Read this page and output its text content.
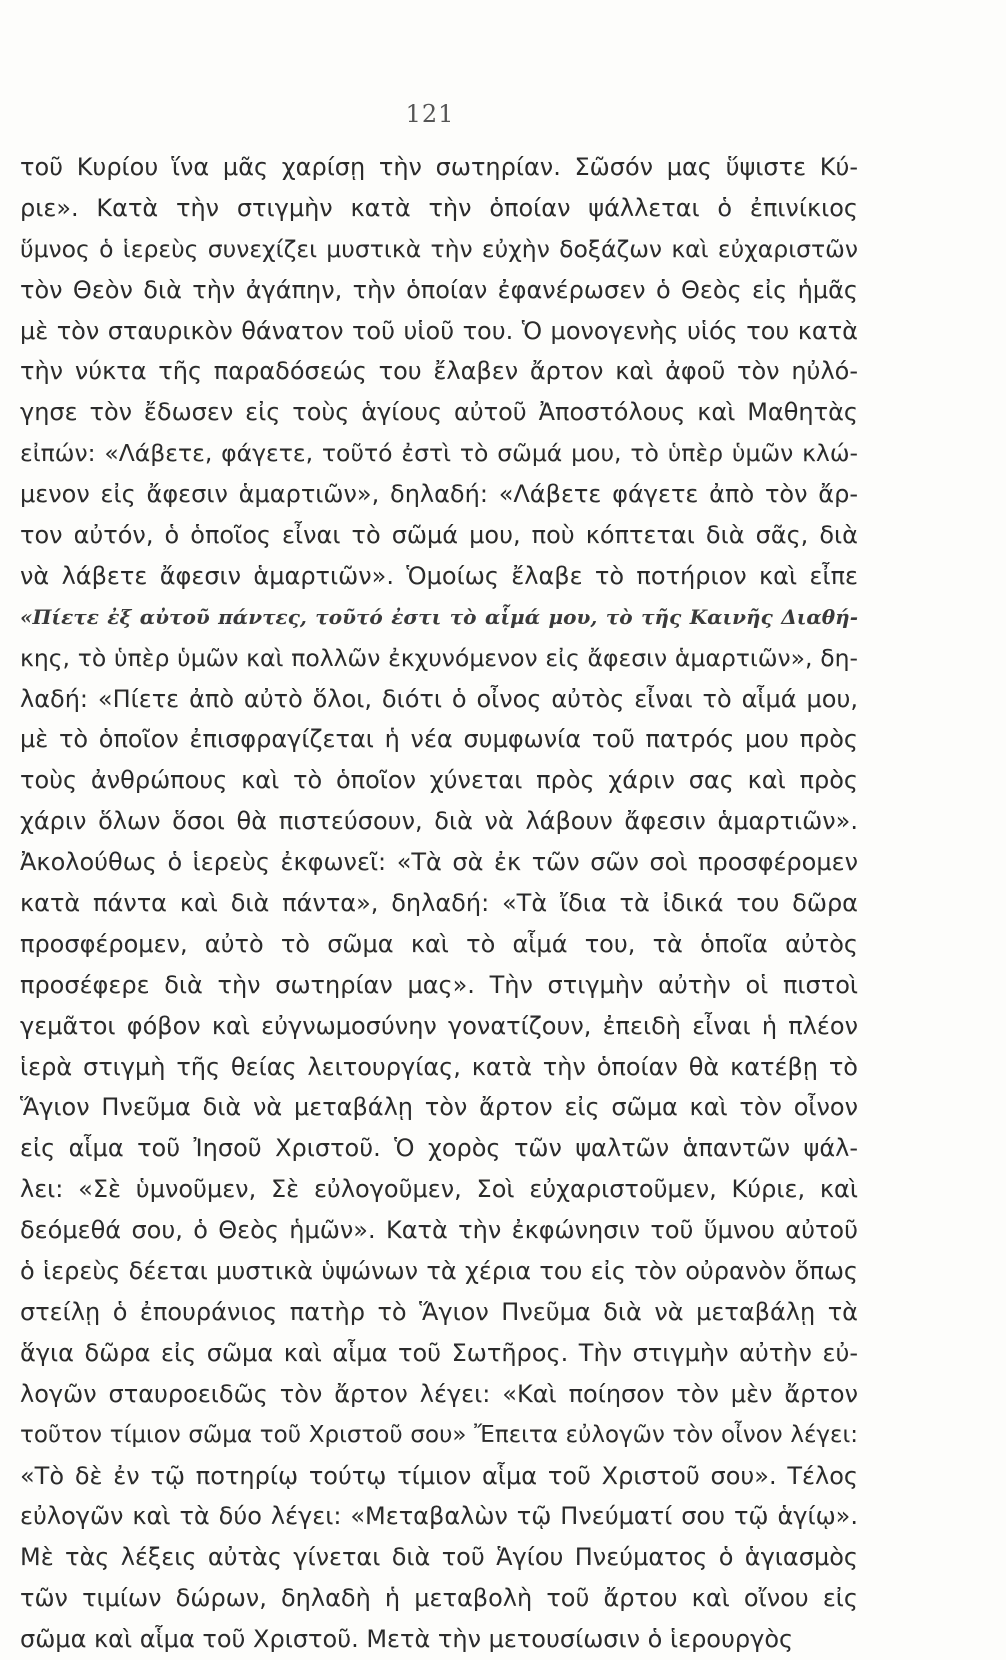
121
τοῦ Κυρίου ἵνα μᾶς χαρίσῃ τὴν σωτηρίαν. Σῶσόν μας ὕψιστε Κύ-
ριε». Κατὰ τὴν στιγμὴν κατὰ τὴν ὁποίαν ψάλλεται ὁ ἐπινίκιος
ὕμνος ὁ ἱερεὺς συνεχίζει μυστικὰ τὴν εὐχὴν δοξάζων καὶ εὐχαριστῶν
τὸν Θεὸν διὰ τὴν ἀγάπην, τὴν ὁποίαν ἐφανέρωσεν ὁ Θεὸς εἰς ἡμᾶς
μὲ τὸν σταυρικὸν θάνατον τοῦ υἱοῦ του. Ὁ μονογενὴς υἱός του κατὰ
τὴν νύκτα τῆς παραδόσεώς του ἔλαβεν ἄρτον καὶ ἀφοῦ τὸν ηὐλό-
γησε τὸν ἔδωσεν εἰς τοὺς ἁγίους αὐτοῦ Ἀποστόλους καὶ Μαθητὰς
εἰπών: «Λάβετε, φάγετε, τοῦτό ἐστὶ τὸ σῶμά μου, τὸ ὑπὲρ ὑμῶν κλώ-
μενον εἰς ἄφεσιν ἁμαρτιῶν», δηλαδή: «Λάβετε φάγετε ἀπὸ τὸν ἄρ-
τον αὐτόν, ὁ ὁποῖος εἶναι τὸ σῶμά μου, ποὺ κόπτεται διὰ σᾶς, διὰ
νὰ λάβετε ἄφεσιν ἁμαρτιῶν». Ὁμοίως ἔλαβε τὸ ποτήριον καὶ εἶπε
«Πίετε ἐξ αὐτοῦ πάντες, τοῦτό ἐστι τὸ αἷμά μου, τὸ τῆς Καινῆς Διαθή-
κης, τὸ ὑπὲρ ὑμῶν καὶ πολλῶν ἐκχυνόμενον εἰς ἄφεσιν ἁμαρτιῶν», δη-
λαδή: «Πίετε ἀπὸ αὐτὸ ὅλοι, διότι ὁ οἶνος αὐτὸς εἶναι τὸ αἷμά μου,
μὲ τὸ ὁποῖον ἐπισφραγίζεται ἡ νέα συμφωνία τοῦ πατρός μου πρὸς
τοὺς ἀνθρώπους καὶ τὸ ὁποῖον χύνεται πρὸς χάριν σας καὶ πρὸς
χάριν ὅλων ὅσοι θὰ πιστεύσουν, διὰ νὰ λάβουν ἄφεσιν ἁμαρτιῶν».
Ἀκολούθως ὁ ἱερεὺς ἐκφωνεῖ: «Τὰ σὰ ἐκ τῶν σῶν σοὶ προσφέρομεν
κατὰ πάντα καὶ διὰ πάντα», δηλαδή: «Τὰ ἴδια τὰ ἰδικά του δῶρα
προσφέρομεν, αὐτὸ τὸ σῶμα καὶ τὸ αἷμά του, τὰ ὁποῖα αὐτὸς
προσέφερε διὰ τὴν σωτηρίαν μας». Τὴν στιγμὴν αὐτὴν οἱ πιστοὶ
γεμᾶτοι φόβον καὶ εὐγνωμοσύνην γονατίζουν, ἐπειδὴ εἶναι ἡ πλέον
ἱερὰ στιγμὴ τῆς θείας λειτουργίας, κατὰ τὴν ὁποίαν θὰ κατέβῃ τὸ
Ἅγιον Πνεῦμα διὰ νὰ μεταβάλῃ τὸν ἄρτον εἰς σῶμα καὶ τὸν οἶνον
εἰς αἷμα τοῦ Ἰησοῦ Χριστοῦ. Ὁ χορὸς τῶν ψαλτῶν ἁπαντῶν ψάλ-
λει: «Σὲ ὑμνοῦμεν, Σὲ εὐλογοῦμεν, Σοὶ εὐχαριστοῦμεν, Κύριε, καὶ
δεόμεθά σου, ὁ Θεὸς ἡμῶν». Κατὰ τὴν ἐκφώνησιν τοῦ ὕμνου αὐτοῦ
ὁ ἱερεὺς δέεται μυστικὰ ὑψώνων τὰ χέρια του εἰς τὸν οὐρανὸν ὅπως
στείλῃ ὁ ἐπουράνιος πατὴρ τὸ Ἅγιον Πνεῦμα διὰ νὰ μεταβάλῃ τὰ
ἅγια δῶρα εἰς σῶμα καὶ αἷμα τοῦ Σωτῆρος. Τὴν στιγμὴν αὐτὴν εὐ-
λογῶν σταυροειδῶς τὸν ἄρτον λέγει: «Καὶ ποίησον τὸν μὲν ἄρτον
τοῦτον τίμιον σῶμα τοῦ Χριστοῦ σου» Ἔπειτα εὐλογῶν τὸν οἶνον λέγει:
«Τὸ δὲ ἐν τῷ ποτηρίῳ τούτῳ τίμιον αἷμα τοῦ Χριστοῦ σου». Τέλος
εὐλογῶν καὶ τὰ δύο λέγει: «Μεταβαλὼν τῷ Πνεύματί σου τῷ ἁγίῳ».
Μὲ τὰς λέξεις αὐτὰς γίνεται διὰ τοῦ Ἁγίου Πνεύματος ὁ ἁγιασμὸς
τῶν τιμίων δώρων, δηλαδὴ ἡ μεταβολὴ τοῦ ἄρτου καὶ οἴνου εἰς
σῶμα καὶ αἷμα τοῦ Χριστοῦ. Μετὰ τὴν μετουσίωσιν ὁ ἱερουργὸς
